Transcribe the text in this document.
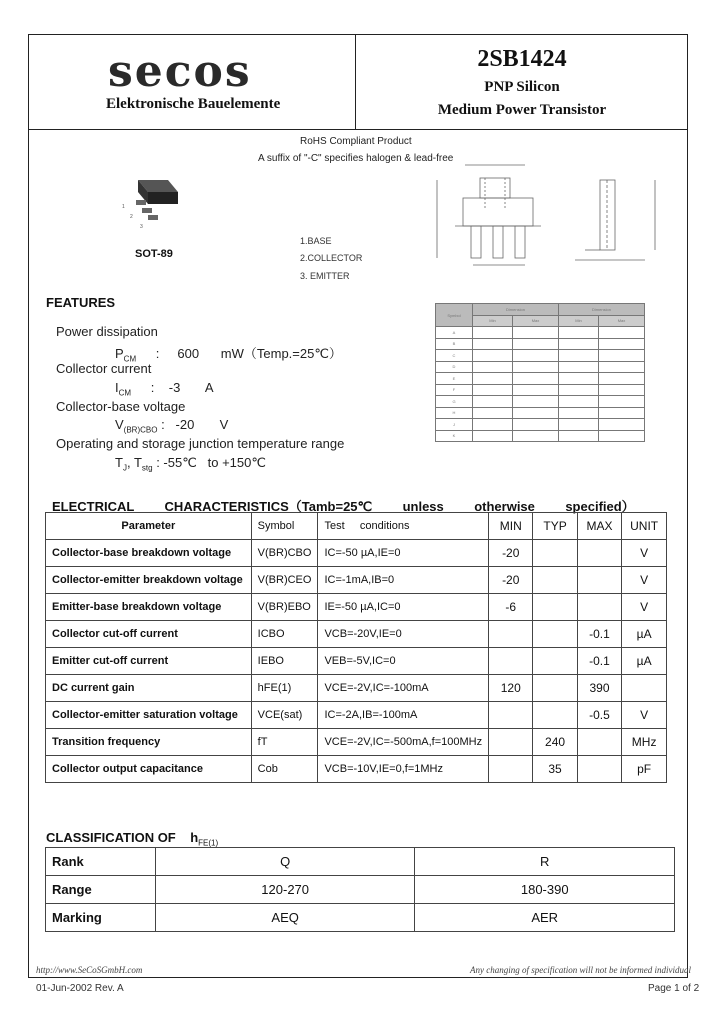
secos
Elektronische Bauelemente
2SB1424
PNP Silicon
Medium Power Transistor
RoHS Compliant Product
A suffix of "-C" specifies halogen & lead-free
1
2
3
SOT-89
1.BASE
2.COLLECTOR
3. EMITTER
Symbol	Dimension		Dimension	
	Min	Max	Min	Max
A				
B				
C				
D				
E				
F				
G				
H				
J				
K				
FEATURES
Power dissipation
$P_{CM}$ :     600      mW（Temp.=25℃）
Collector current
$I_{CM}$ :    -3       A
Collector-base voltage
$V_{(BR)CBO}$ :   -20       V
Operating and storage junction temperature range
$T_J$, $T_{stg}$ : -55℃   to +150℃
ELECTRICAL    CHARACTERISTICS（Tamb=25℃    unless    otherwise    specified）
Parameter	Symbol	Test     conditions	MIN	TYP	MAX	UNIT
Collector-base breakdown voltage	V(BR)CBO	IC=-50 µA,IE=0	-20			V
Collector-emitter breakdown voltage	V(BR)CEO	IC=-1mA,IB=0	-20			V
Emitter-base breakdown voltage	V(BR)EBO	IE=-50 µA,IC=0	-6			V
Collector cut-off current	ICBO	VCB=-20V,IE=0			-0.1	µA
Emitter cut-off current	IEBO	VEB=-5V,IC=0			-0.1	µA
DC current gain	hFE(1)	VCE=-2V,IC=-100mA	120		390	
Collector-emitter saturation voltage	VCE(sat)	IC=-2A,IB=-100mA			-0.5	V
Transition frequency	fT	VCE=-2V,IC=-500mA,f=100MHz		240		MHz
Collector output capacitance	Cob	VCB=-10V,IE=0,f=1MHz		35		pF
CLASSIFICATION OF    $h_{FE(1)}$
Rank	Q	R
Range	120-270	180-390
Marking	AEQ	AER
http://www.SeCoSGmbH.com	Any changing of specification will not be informed individual
01-Jun-2002 Rev. A	Page 1 of 2
